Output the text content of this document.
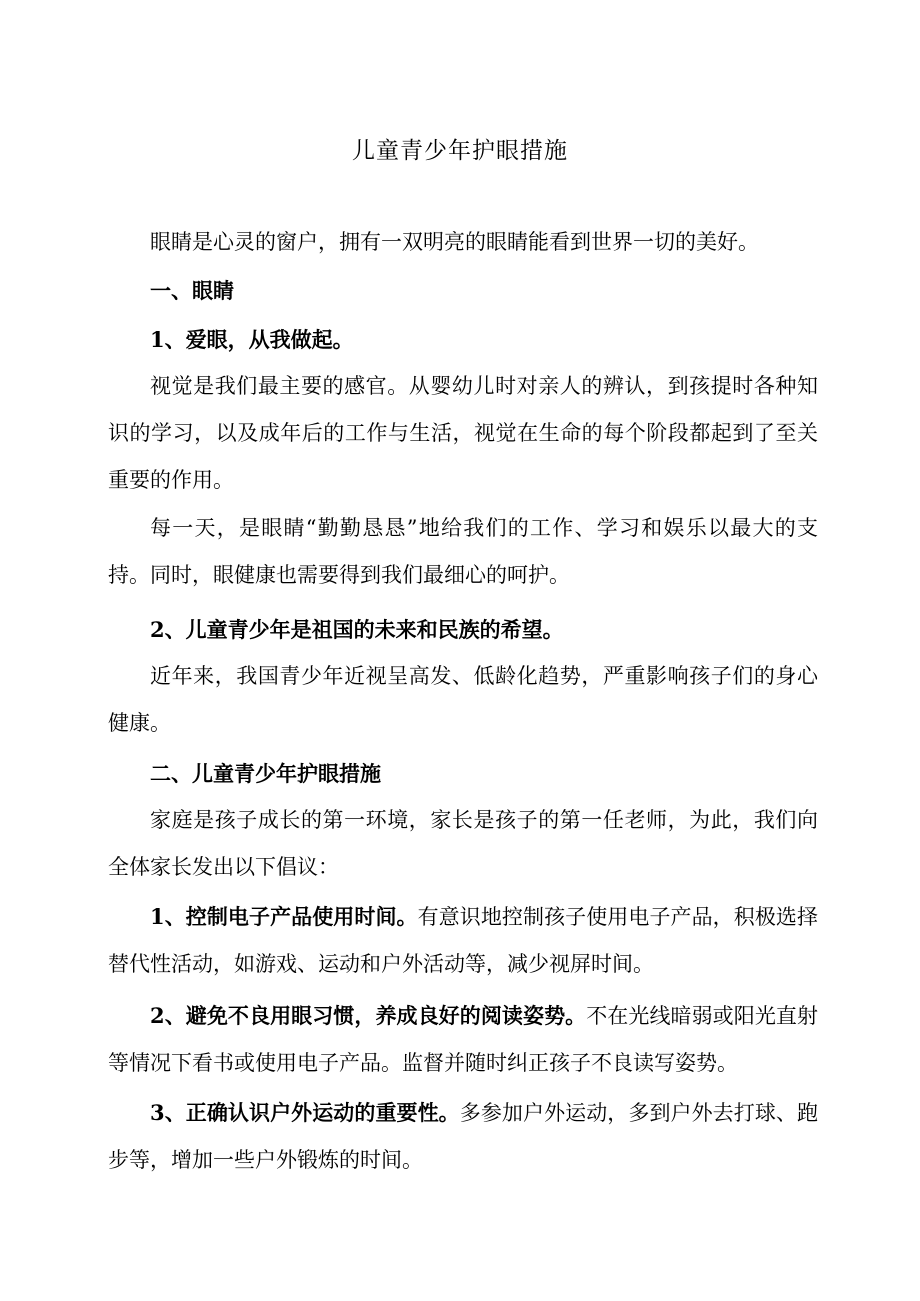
儿童青少年护眼措施

眼睛是心灵的窗户，拥有一双明亮的眼睛能看到世界一切的美好。

一、眼睛

1、爱眼，从我做起。

视觉是我们最主要的感官。从婴幼儿时对亲人的辨认，到孩提时各种知识的学习，以及成年后的工作与生活，视觉在生命的每个阶段都起到了至关重要的作用。

每一天，是眼睛“勤勤恳恳”地给我们的工作、学习和娱乐以最大的支持。同时，眼健康也需要得到我们最细心的呵护。

2、儿童青少年是祖国的未来和民族的希望。

近年来，我国青少年近视呈高发、低龄化趋势，严重影响孩子们的身心健康。

二、儿童青少年护眼措施

家庭是孩子成长的第一环境，家长是孩子的第一任老师，为此，我们向全体家长发出以下倡议：

1、控制电子产品使用时间。有意识地控制孩子使用电子产品，积极选择替代性活动，如游戏、运动和户外活动等，减少视屏时间。

2、避免不良用眼习惯，养成良好的阅读姿势。不在光线暗弱或阳光直射等情况下看书或使用电子产品。监督并随时纠正孩子不良读写姿势。

3、正确认识户外运动的重要性。多参加户外运动，多到户外去打球、跑步等，增加一些户外锻炼的时间。
